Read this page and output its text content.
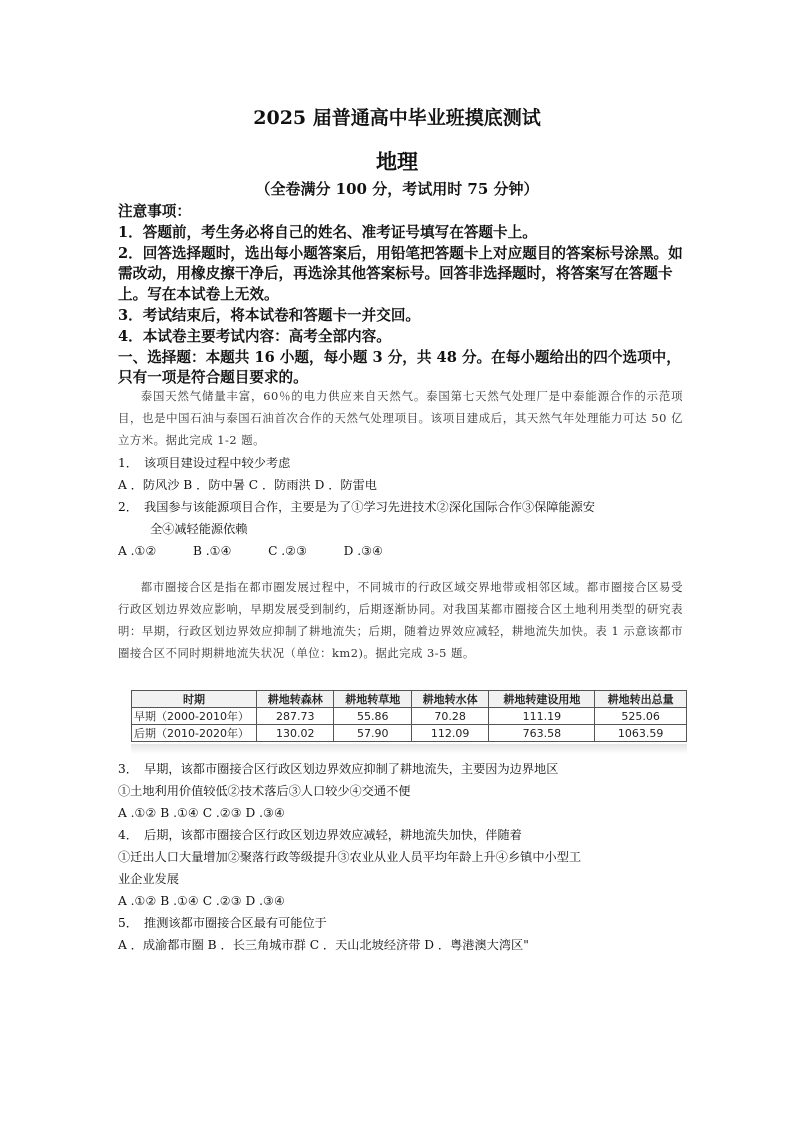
2025 届普通高中毕业班摸底测试
地理
（全卷满分 100 分，考试用时 75 分钟）

注意事项：

1．答题前，考生务必将自己的姓名、准考证号填写在答题卡上。

2．回答选择题时，选出每小题答案后，用铅笔把答题卡上对应题目的答案标号涂黑。如需改动，用橡皮擦干净后，再选涂其他答案标号。回答非选择题时，将答案写在答题卡上。写在本试卷上无效。

3．考试结束后，将本试卷和答题卡一并交回。

4．本试卷主要考试内容：高考全部内容。

一、选择题：本题共 16 小题，每小题 3 分，共 48 分。在每小题给出的四个选项中，只有一项是符合题目要求的。

泰国天然气储量丰富，60％的电力供应来自天然气。泰国第七天然气处理厂是中泰能源合作的示范项目，也是中国石油与泰国石油首次合作的天然气处理项目。该项目建成后，其天然气年处理能力可达 50 亿立方米。据此完成 1-2 题。

1．　该项目建设过程中较少考虑

A ．防风沙 B ．防中暑 C ．防雨洪 D ．防雷电

2．　我国参与该能源项目合作，主要是为了①学习先进技术②深化国际合作③保障能源安

全④减轻能源依赖

A .①②　　　B .①④　　　C .②③　　　D .③④

都市圈接合区是指在都市圈发展过程中，不同城市的行政区域交界地带或相邻区域。都市圈接合区易受行政区划边界效应影响，早期发展受到制约，后期逐渐协同。对我国某都市圈接合区土地利用类型的研究表明：早期，行政区划边界效应抑制了耕地流失；后期，随着边界效应减轻，耕地流失加快。表 1 示意该都市圈接合区不同时期耕地流失状况（单位：km2)。据此完成 3-5 题。

时期	耕地转森林	耕地转草地	耕地转水体	耕地转建设用地	耕地转出总量
早期（2000-2010年）	287.73	55.86	70.28	111.19	525.06
后期（2010-2020年）	130.02	57.90	112.09	763.58	1063.59

3．　早期，该都市圈接合区行政区划边界效应抑制了耕地流失，主要因为边界地区

①土地利用价值较低②技术落后③人口较少④交通不便

A .①② B .①④ C .②③ D .③④

4．　后期，该都市圈接合区行政区划边界效应减轻，耕地流失加快，伴随着

①迁出人口大量增加②聚落行政等级提升③农业从业人员平均年龄上升④乡镇中小型工

业企业发展

A .①② B .①④ C .②③ D .③④

5．　推测该都市圈接合区最有可能位于

A ．成渝都市圈 B ．长三角城市群 C ．天山北坡经济带 D ．粤港澳大湾区"
